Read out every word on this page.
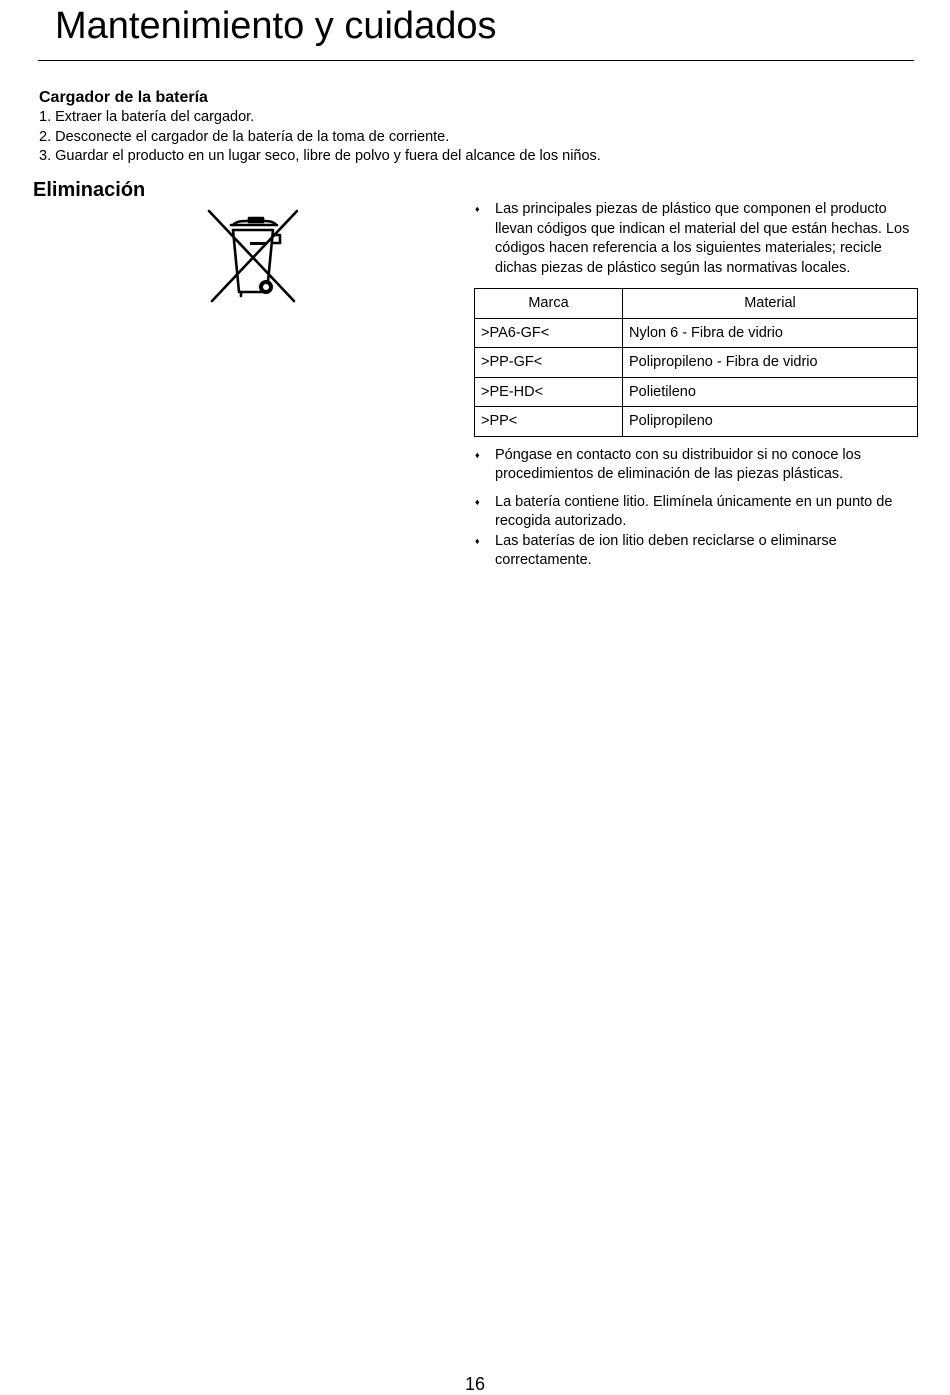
Mantenimiento y cuidados
Cargador de la batería
1. Extraer la batería del cargador.
2. Desconecte el cargador de la batería de la toma de corriente.
3. Guardar el producto en un lugar seco, libre de polvo y fuera del alcance de los niños.
Eliminación
♦ Las principales piezas de plástico que componen el producto llevan códigos que indican el material del que están hechas. Los códigos hacen referencia a los siguientes materiales; recicle dichas piezas de plástico según las normativas locales.
Marca	Material
>PA6-GF<	Nylon 6 - Fibra de vidrio
>PP-GF<	Polipropileno - Fibra de vidrio
>PE-HD<	Polietileno
>PP<	Polipropileno
♦ Póngase en contacto con su distribuidor si no conoce los procedimientos de eliminación de las piezas plásticas.
♦ La batería contiene litio. Elimínela únicamente en un punto de recogida autorizado.
♦ Las baterías de ion litio deben reciclarse o eliminarse correctamente.
16
